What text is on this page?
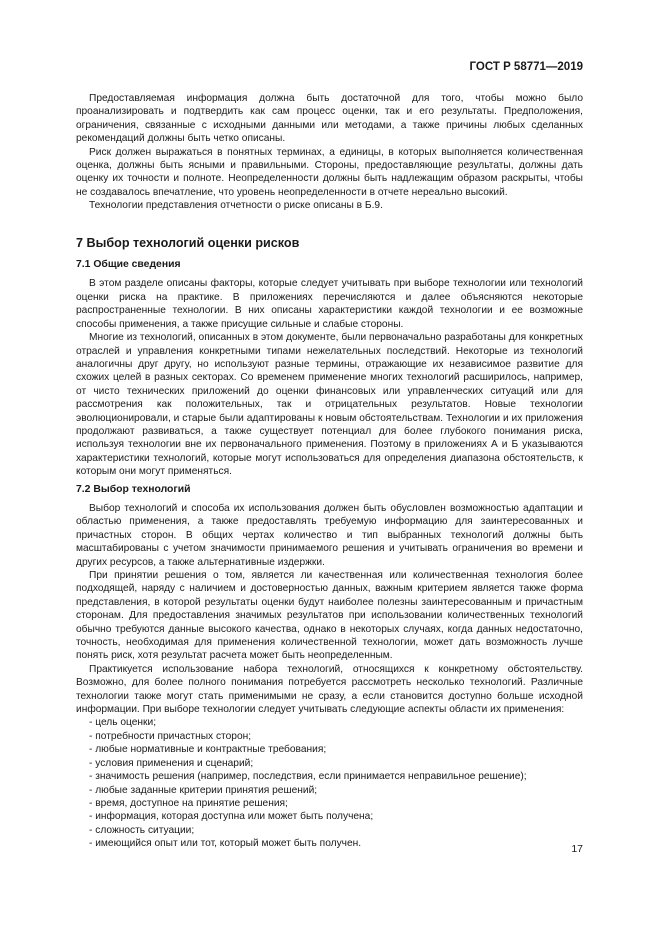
ГОСТ Р 58771—2019

Предоставляемая информация должна быть достаточной для того, чтобы можно было проанализировать и подтвердить как сам процесс оценки, так и его результаты. Предположения, ограничения, связанные с исходными данными или методами, а также причины любых сделанных рекомендаций должны быть четко описаны.

Риск должен выражаться в понятных терминах, а единицы, в которых выполняется количественная оценка, должны быть ясными и правильными. Стороны, предоставляющие результаты, должны дать оценку их точности и полноте. Неопределенности должны быть надлежащим образом раскрыты, чтобы не создавалось впечатление, что уровень неопределенности в отчете нереально высокий.

Технологии представления отчетности о риске описаны в Б.9.

7 Выбор технологий оценки рисков
7.1 Общие сведения

В этом разделе описаны факторы, которые следует учитывать при выборе технологии или технологий оценки риска на практике. В приложениях перечисляются и далее объясняются некоторые распространенные технологии. В них описаны характеристики каждой технологии и ее возможные способы применения, а также присущие сильные и слабые стороны.

Многие из технологий, описанных в этом документе, были первоначально разработаны для конкретных отраслей и управления конкретными типами нежелательных последствий. Некоторые из технологий аналогичны друг другу, но используют разные термины, отражающие их независимое развитие для схожих целей в разных секторах. Со временем применение многих технологий расширилось, например, от чисто технических приложений до оценки финансовых или управленческих ситуаций или для рассмотрения как положительных, так и отрицательных результатов. Новые технологии эволюционировали, и старые были адаптированы к новым обстоятельствам. Технологии и их приложения продолжают развиваться, а также существует потенциал для более глубокого понимания риска, используя технологии вне их первоначального применения. Поэтому в приложениях А и Б указываются характеристики технологий, которые могут использоваться для определения диапазона обстоятельств, к которым они могут применяться.

7.2 Выбор технологий

Выбор технологий и способа их использования должен быть обусловлен возможностью адаптации и областью применения, а также предоставлять требуемую информацию для заинтересованных и причастных сторон. В общих чертах количество и тип выбранных технологий должны быть масштабированы с учетом значимости принимаемого решения и учитывать ограничения во времени и других ресурсов, а также альтернативные издержки.

При принятии решения о том, является ли качественная или количественная технология более подходящей, наряду с наличием и достоверностью данных, важным критерием является также форма представления, в которой результаты оценки будут наиболее полезны заинтересованным и причастным сторонам. Для предоставления значимых результатов при использовании количественных технологий обычно требуются данные высокого качества, однако в некоторых случаях, когда данных недостаточно, точность, необходимая для применения количественной технологии, может дать возможность лучше понять риск, хотя результат расчета может быть неопределенным.

Практикуется использование набора технологий, относящихся к конкретному обстоятельству. Возможно, для более полного понимания потребуется рассмотреть несколько технологий. Различные технологии также могут стать применимыми не сразу, а если становится доступно больше исходной информации. При выборе технологии следует учитывать следующие аспекты области их применения:

- цель оценки;
- потребности причастных сторон;
- любые нормативные и контрактные требования;
- условия применения и сценарий;
- значимость решения (например, последствия, если принимается неправильное решение);
- любые заданные критерии принятия решений;
- время, доступное на принятие решения;
- информация, которая доступна или может быть получена;
- сложность ситуации;
- имеющийся опыт или тот, который может быть получен.	17
